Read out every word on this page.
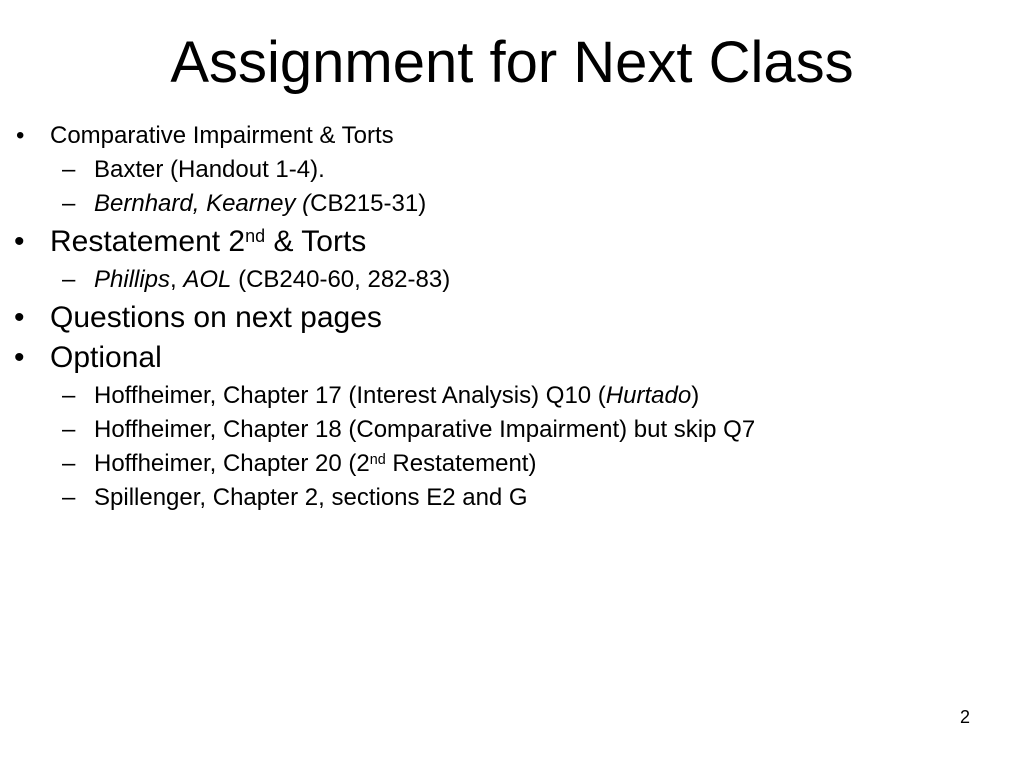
Assignment for Next Class
• Comparative Impairment & Torts
– Baxter (Handout 1-4).
– Bernhard, Kearney (CB215-31)
• Restatement 2nd & Torts
– Phillips, AOL (CB240-60, 282-83)
• Questions on next pages
• Optional
– Hoffheimer, Chapter 17 (Interest Analysis) Q10 (Hurtado)
– Hoffheimer, Chapter 18 (Comparative Impairment) but skip Q7
– Hoffheimer, Chapter 20 (2nd Restatement)
– Spillenger, Chapter 2, sections E2 and G
2
